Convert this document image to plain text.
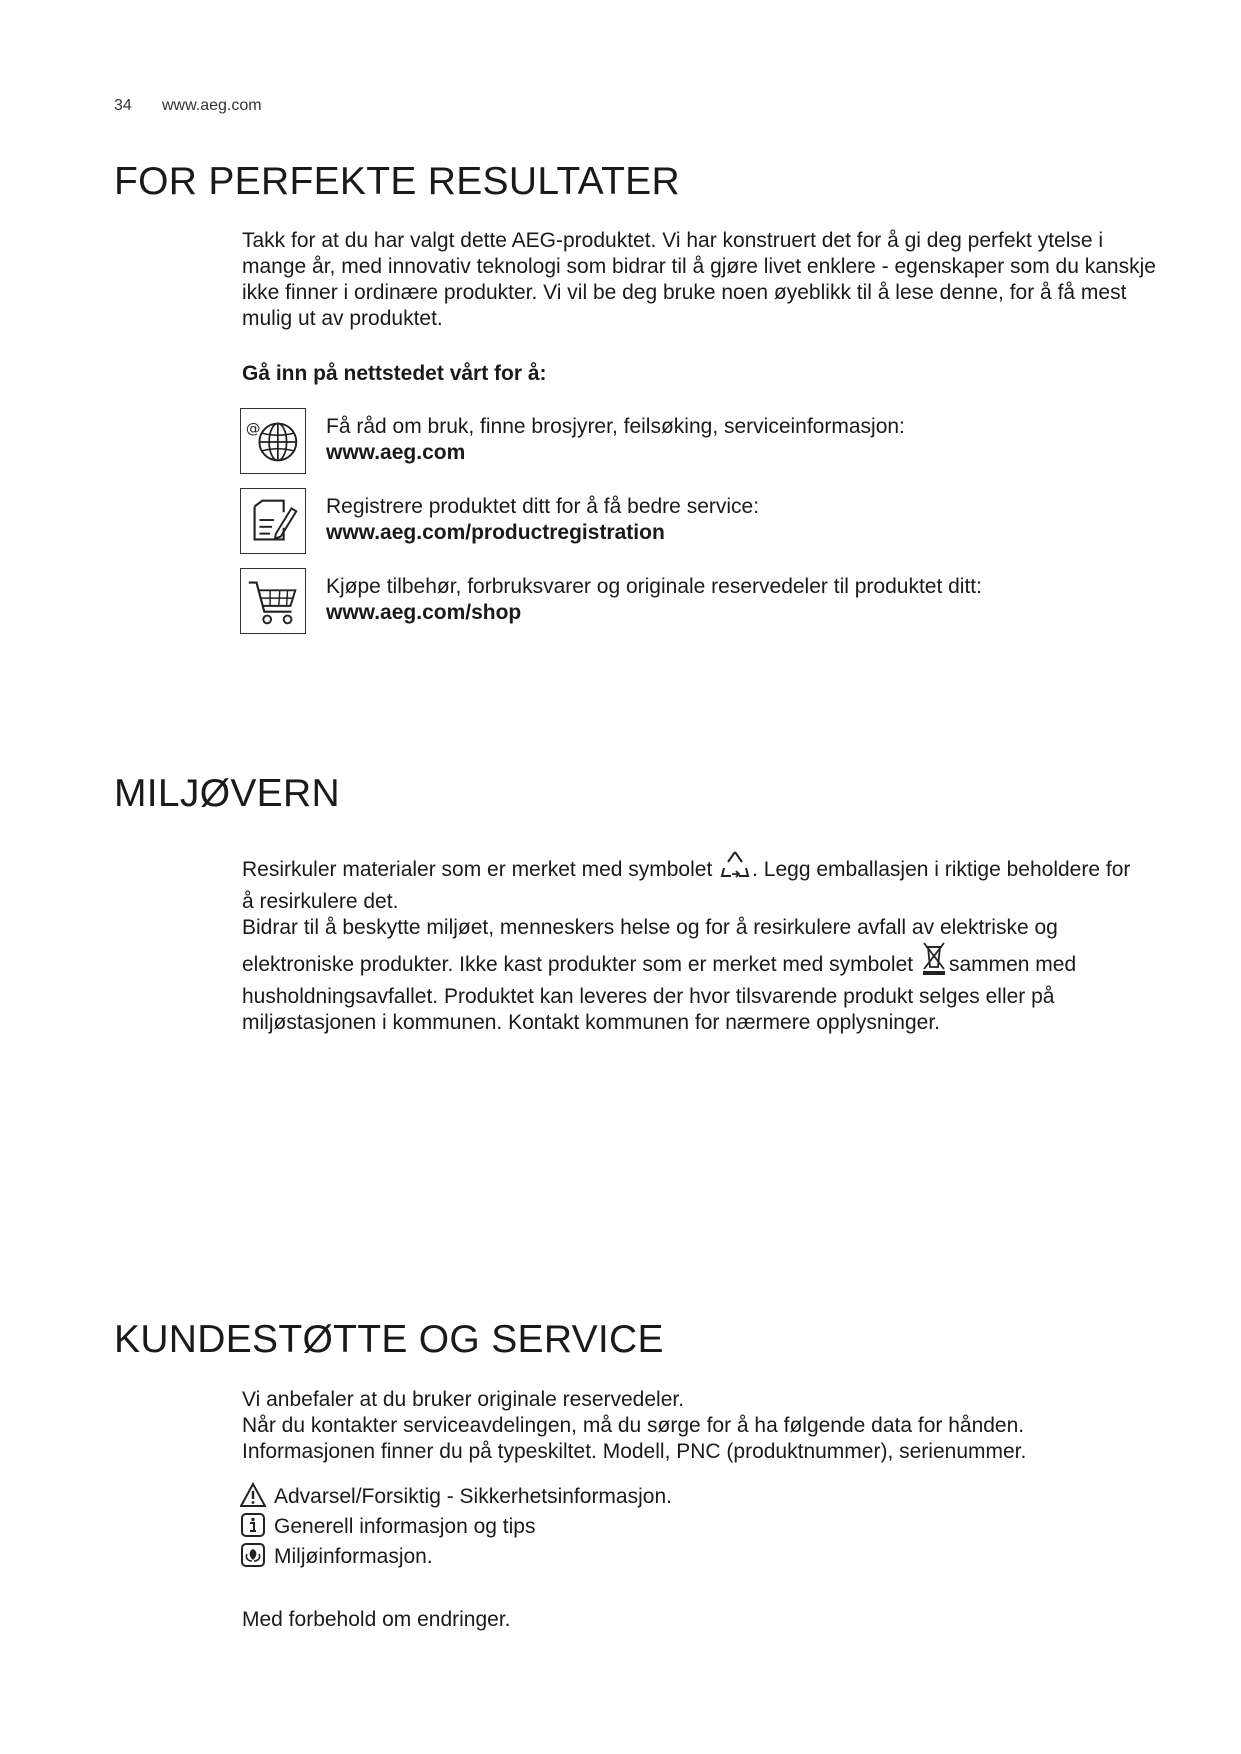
34 www.aeg.com
FOR PERFEKTE RESULTATER
Takk for at du har valgt dette AEG-produktet. Vi har konstruert det for å gi deg perfekt ytelse i mange år, med innovativ teknologi som bidrar til å gjøre livet enklere - egenskaper som du kanskje ikke finner i ordinære produkter. Vi vil be deg bruke noen øyeblikk til å lese denne, for å få mest mulig ut av produktet.
Gå inn på nettstedet vårt for å:
@	Få råd om bruk, finne brosjyrer, feilsøking, serviceinformasjon:
www.aeg.com
Registrere produktet ditt for å få bedre service:
www.aeg.com/productregistration
Kjøpe tilbehør, forbruksvarer og originale reservedeler til produktet ditt:
www.aeg.com/shop
MILJØVERN

Resirkuler materialer som er merket med symbolet . Legg emballasjen i riktige beholdere for å resirkulere det.

Bidrar til å beskytte miljøet, menneskers helse og for å resirkulere avfall av elektriske og elektroniske produkter. Ikke kast produkter som er merket med symbolet sammen med husholdningsavfallet. Produktet kan leveres der hvor tilsvarende produkt selges eller på miljøstasjonen i kommunen. Kontakt kommunen for nærmere opplysninger.

KUNDESTØTTE OG SERVICE

Vi anbefaler at du bruker originale reservedeler.

Når du kontakter serviceavdelingen, må du sørge for å ha følgende data for hånden.

Informasjonen finner du på typeskiltet. Modell, PNC (produktnummer), serienummer.

Advarsel/Forsiktig - Sikkerhetsinformasjon.
Generell informasjon og tips
Miljøinformasjon.
Med forbehold om endringer.
